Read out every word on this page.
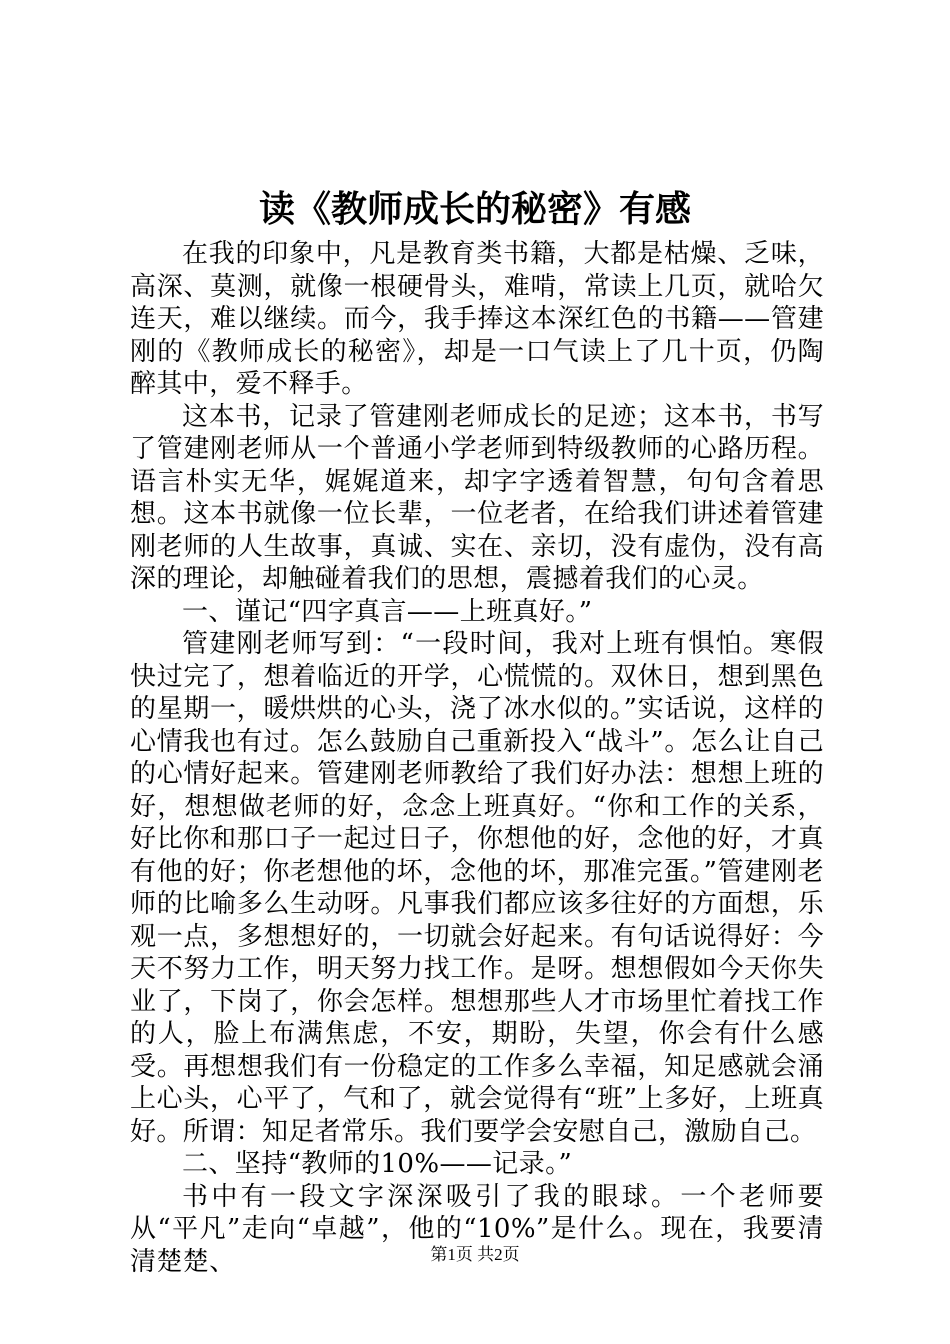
读《教师成长的秘密》有感

在我的印象中，凡是教育类书籍，大都是枯燥、乏味，高深、莫测，就像一根硬骨头，难啃，常读上几页，就哈欠连天，难以继续。而今，我手捧这本深红色的书籍——管建刚的《教师成长的秘密》，却是一口气读上了几十页，仍陶醉其中，爱不释手。

这本书，记录了管建刚老师成长的足迹；这本书，书写了管建刚老师从一个普通小学老师到特级教师的心路历程。语言朴实无华，娓娓道来，却字字透着智慧，句句含着思想。这本书就像一位长辈，一位老者，在给我们讲述着管建刚老师的人生故事，真诚、实在、亲切，没有虚伪，没有高深的理论，却触碰着我们的思想，震撼着我们的心灵。

一、谨记“四字真言——上班真好。”

管建刚老师写到：“一段时间，我对上班有惧怕。寒假快过完了，想着临近的开学，心慌慌的。双休日，想到黑色的星期一，暖烘烘的心头，浇了冰水似的。”实话说，这样的心情我也有过。怎么鼓励自己重新投入“战斗”。怎么让自己的心情好起来。管建刚老师教给了我们好办法：想想上班的好，想想做老师的好，念念上班真好。“你和工作的关系，好比你和那口子一起过日子，你想他的好，念他的好，才真有他的好；你老想他的坏，念他的坏，那准完蛋。”管建刚老师的比喻多么生动呀。凡事我们都应该多往好的方面想，乐观一点，多想想好的，一切就会好起来。有句话说得好：今天不努力工作，明天努力找工作。是呀。想想假如今天你失业了，下岗了，你会怎样。想想那些人才市场里忙着找工作的人，脸上布满焦虑，不安，期盼，失望，你会有什么感受。再想想我们有一份稳定的工作多么幸福，知足感就会涌上心头，心平了，气和了，就会觉得有“班”上多好，上班真好。所谓：知足者常乐。我们要学会安慰自己，激励自己。

二、坚持“教师的10%——记录。”

书中有一段文字深深吸引了我的眼球。一个老师要从“平凡”走向“卓越”，他的“10%”是什么。现在，我要清清楚楚、	第1页 共2页
